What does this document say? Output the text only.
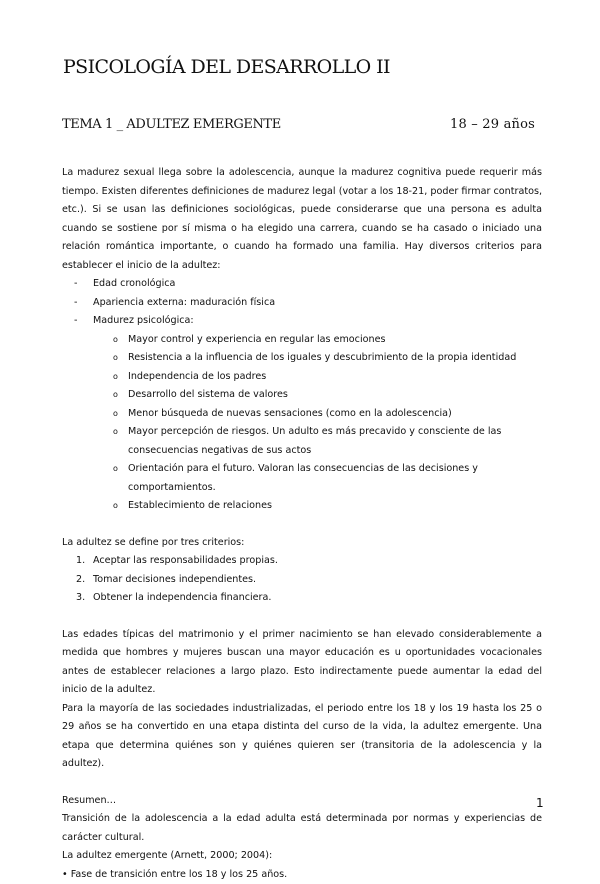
PSICOLOGÍA DEL DESARROLLO II
TEMA 1 _ ADULTEZ EMERGENTE	18 – 29 años

La madurez sexual llega sobre la adolescencia, aunque la madurez cognitiva puede requerir más tiempo. Existen diferentes definiciones de madurez legal (votar a los 18-21, poder firmar contratos, etc.). Si se usan las definiciones sociológicas, puede considerarse que una persona es adulta cuando se sostiene por sí misma o ha elegido una carrera, cuando se ha casado o iniciado una relación romántica importante, o cuando ha formado una familia. Hay diversos criterios para establecer el inicio de la adultez:

- Edad cronológica
- Apariencia externa: maduración física
- Madurez psicológica:
o Mayor control y experiencia en regular las emociones
o Resistencia a la influencia de los iguales y descubrimiento de la propia identidad
o Independencia de los padres
o Desarrollo del sistema de valores
o Menor búsqueda de nuevas sensaciones (como en la adolescencia)
o Mayor percepción de riesgos. Un adulto es más precavido y consciente de las consecuencias negativas de sus actos
o Orientación para el futuro. Valoran las consecuencias de las decisiones y comportamientos.
o Establecimiento de relaciones

La adultez se define por tres criterios:

1. Aceptar las responsabilidades propias.
2. Tomar decisiones independientes.
3. Obtener la independencia financiera.

Las edades típicas del matrimonio y el primer nacimiento se han elevado considerablemente a medida que hombres y mujeres buscan una mayor educación es u oportunidades vocacionales antes de establecer relaciones a largo plazo. Esto indirectamente puede aumentar la edad del inicio de la adultez.

Para la mayoría de las sociedades industrializadas, el periodo entre los 18 y los 19 hasta los 25 o 29 años se ha convertido en una etapa distinta del curso de la vida, la adultez emergente. Una etapa que determina quiénes son y quiénes quieren ser (transitoria de la adolescencia y la adultez).

Resumen…

Transición de la adolescencia a la edad adulta está determinada por normas y experiencias de carácter cultural.

La adultez emergente (Arnett, 2000; 2004):

• Fase de transición entre los 18 y los 25 años.

1
